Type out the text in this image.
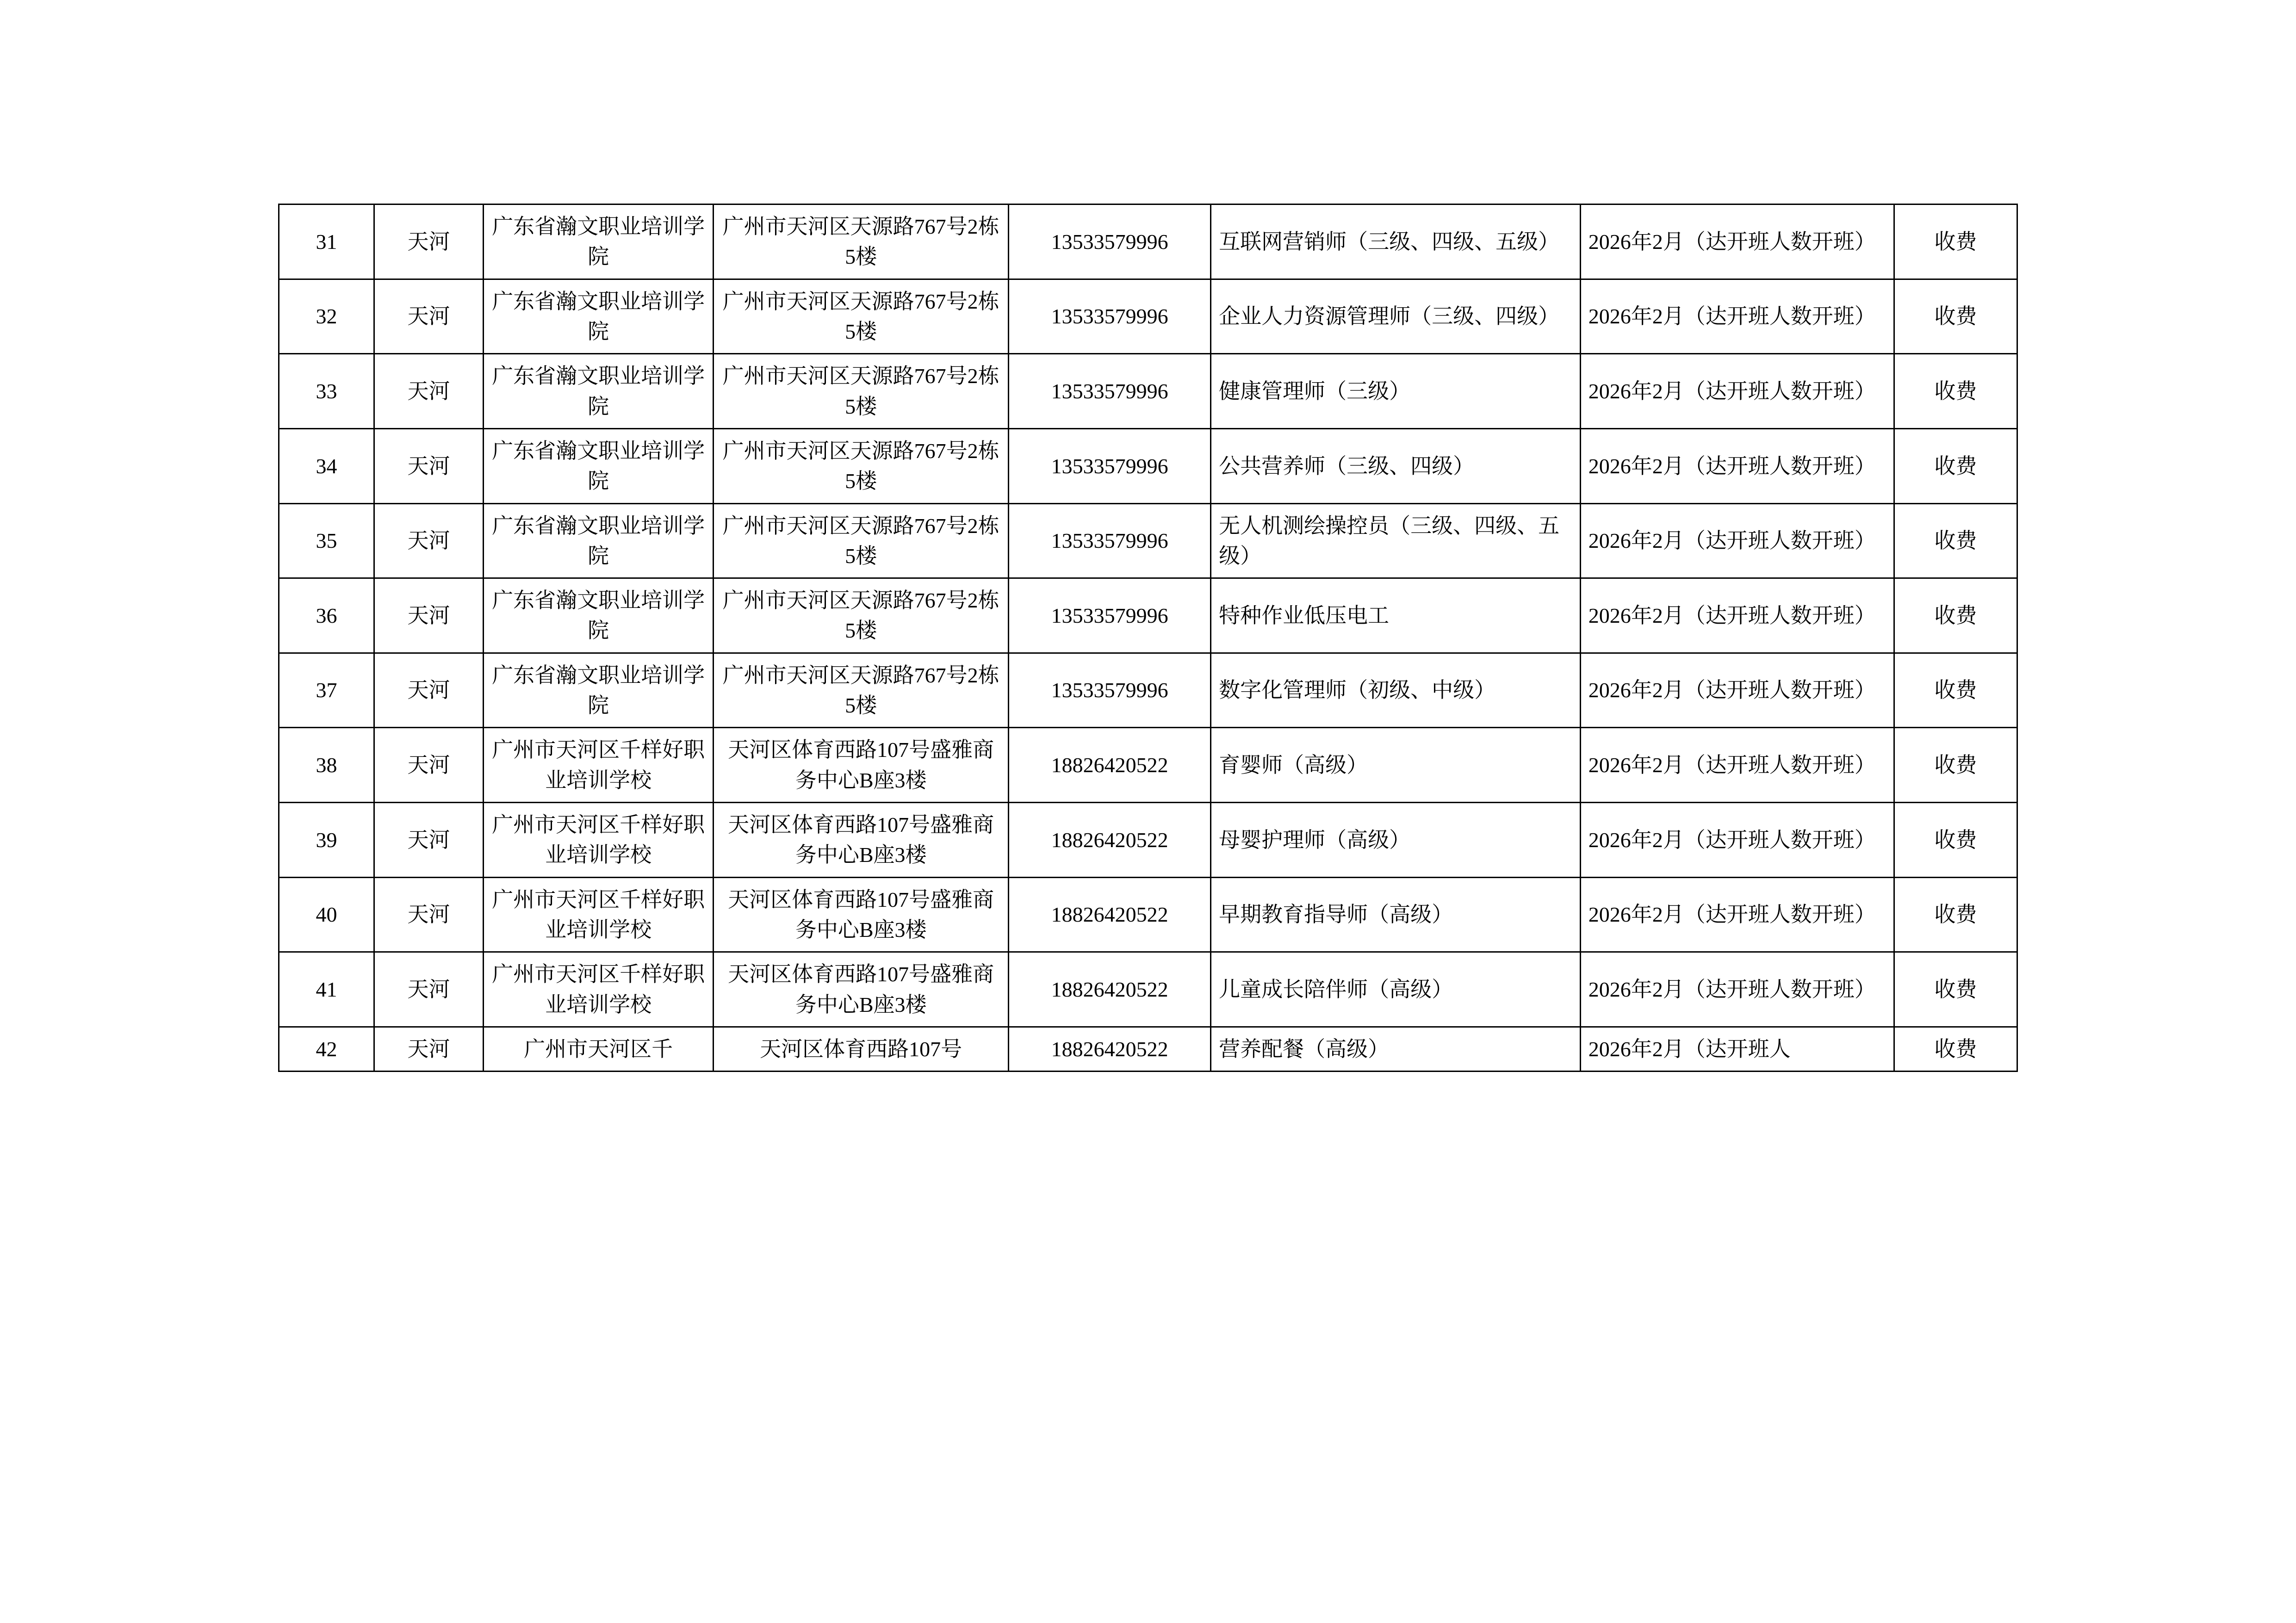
31	天河	广东省瀚文职业培训学院	广州市天河区天源路767号2栋5楼	13533579996	互联网营销师（三级、四级、五级）	2026年2月（达开班人数开班）	收费
32	天河	广东省瀚文职业培训学院	广州市天河区天源路767号2栋5楼	13533579996	企业人力资源管理师（三级、四级）	2026年2月（达开班人数开班）	收费
33	天河	广东省瀚文职业培训学院	广州市天河区天源路767号2栋5楼	13533579996	健康管理师（三级）	2026年2月（达开班人数开班）	收费
34	天河	广东省瀚文职业培训学院	广州市天河区天源路767号2栋5楼	13533579996	公共营养师（三级、四级）	2026年2月（达开班人数开班）	收费
35	天河	广东省瀚文职业培训学院	广州市天河区天源路767号2栋5楼	13533579996	无人机测绘操控员（三级、四级、五级）	2026年2月（达开班人数开班）	收费
36	天河	广东省瀚文职业培训学院	广州市天河区天源路767号2栋5楼	13533579996	特种作业低压电工	2026年2月（达开班人数开班）	收费
37	天河	广东省瀚文职业培训学院	广州市天河区天源路767号2栋5楼	13533579996	数字化管理师（初级、中级）	2026年2月（达开班人数开班）	收费
38	天河	广州市天河区千样好职业培训学校	天河区体育西路107号盛雅商务中心B座3楼	18826420522	育婴师（高级）	2026年2月（达开班人数开班）	收费
39	天河	广州市天河区千样好职业培训学校	天河区体育西路107号盛雅商务中心B座3楼	18826420522	母婴护理师（高级）	2026年2月（达开班人数开班）	收费
40	天河	广州市天河区千样好职业培训学校	天河区体育西路107号盛雅商务中心B座3楼	18826420522	早期教育指导师（高级）	2026年2月（达开班人数开班）	收费
41	天河	广州市天河区千样好职业培训学校	天河区体育西路107号盛雅商务中心B座3楼	18826420522	儿童成长陪伴师（高级）	2026年2月（达开班人数开班）	收费
42	天河	广州市天河区千	天河区体育西路107号	18826420522	营养配餐（高级）	2026年2月（达开班人	收费
